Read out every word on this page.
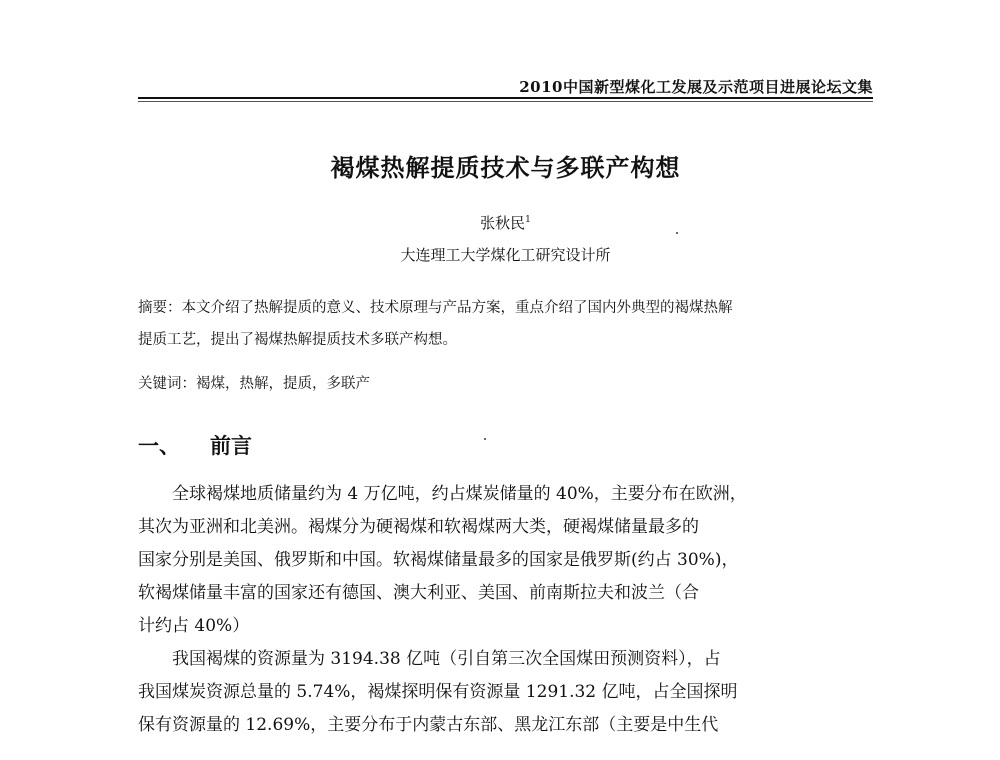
2010中国新型煤化工发展及示范项目进展论坛文集
褐煤热解提质技术与多联产构想
张秋民$^1$
大连理工大学煤化工研究设计所
摘要：本文介绍了热解提质的意义、技术原理与产品方案，重点介绍了国内外典型的褐煤热解
提质工艺，提出了褐煤热解提质技术多联产构想。
关键词：褐煤，热解，提质，多联产
一、 前言
全球褐煤地质储量约为 4 万亿吨，约占煤炭储量的 40%，主要分布在欧洲，
其次为亚洲和北美洲。褐煤分为硬褐煤和软褐煤两大类，硬褐煤储量最多的
国家分别是美国、俄罗斯和中国。软褐煤储量最多的国家是俄罗斯(约占 30%)，
软褐煤储量丰富的国家还有德国、澳大利亚、美国、前南斯拉夫和波兰（合
计约占 40%）
我国褐煤的资源量为 3194.38 亿吨（引自第三次全国煤田预测资料），占
我国煤炭资源总量的 5.74%，褐煤探明保有资源量 1291.32 亿吨，占全国探明
保有资源量的 12.69%，主要分布于内蒙古东部、黑龙江东部（主要是中生代
